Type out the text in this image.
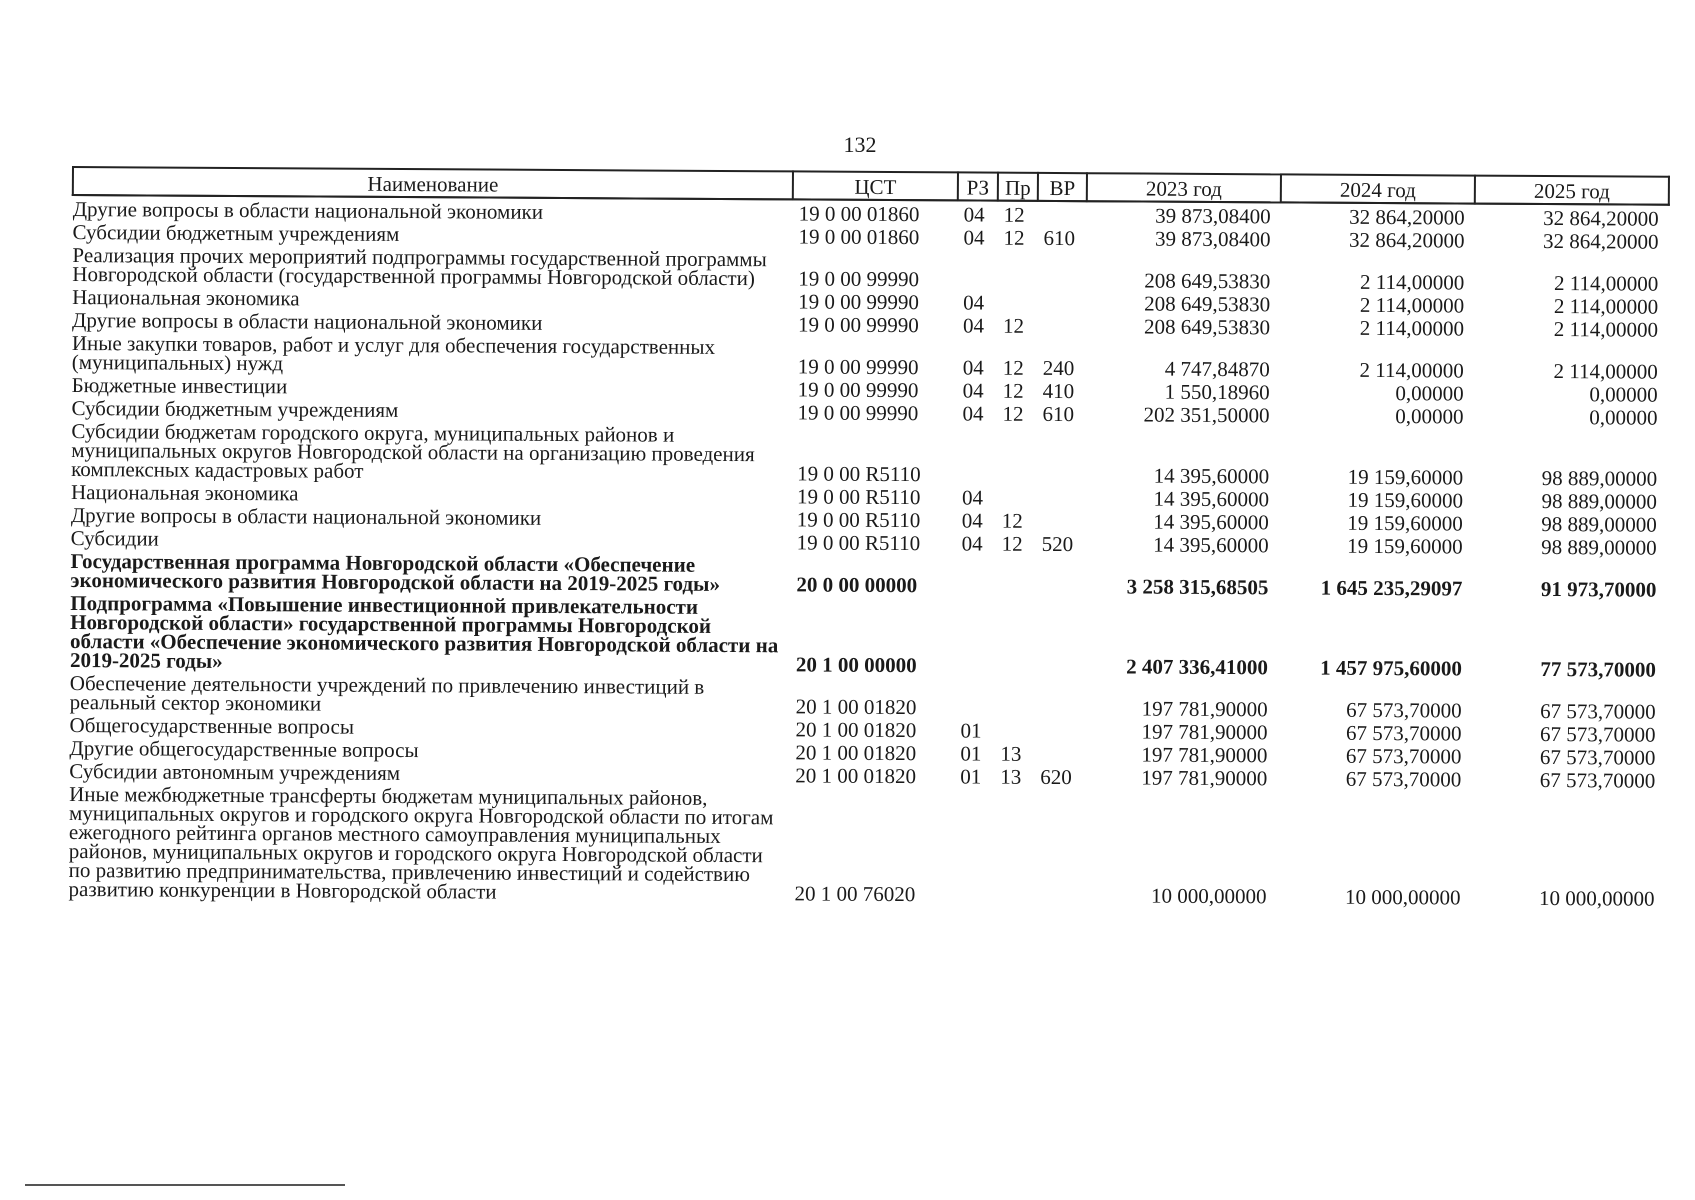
132
Наименование	ЦСТ	РЗ	Пр	ВР	2023 год	2024 год	2025 год
Другие вопросы в области национальной экономики	19 0 00 01860	04	12		39 873,08400	32 864,20000	32 864,20000
Субсидии бюджетным учреждениям	19 0 00 01860	04	12	610	39 873,08400	32 864,20000	32 864,20000
Реализация прочих мероприятий подпрограммы государственной программы Новгородской области (государственной программы Новгородской области)	19 0 00 99990				208 649,53830	2 114,00000	2 114,00000
Национальная экономика	19 0 00 99990	04			208 649,53830	2 114,00000	2 114,00000
Другие вопросы в области национальной экономики	19 0 00 99990	04	12		208 649,53830	2 114,00000	2 114,00000
Иные закупки товаров, работ и услуг для обеспечения государственных (муниципальных) нужд	19 0 00 99990	04	12	240	4 747,84870	2 114,00000	2 114,00000
Бюджетные инвестиции	19 0 00 99990	04	12	410	1 550,18960	0,00000	0,00000
Субсидии бюджетным учреждениям	19 0 00 99990	04	12	610	202 351,50000	0,00000	0,00000
Субсидии бюджетам городского округа, муниципальных районов и муниципальных округов Новгородской области на организацию проведения комплексных кадастровых работ	19 0 00 R5110				14 395,60000	19 159,60000	98 889,00000
Национальная экономика	19 0 00 R5110	04			14 395,60000	19 159,60000	98 889,00000
Другие вопросы в области национальной экономики	19 0 00 R5110	04	12		14 395,60000	19 159,60000	98 889,00000
Субсидии	19 0 00 R5110	04	12	520	14 395,60000	19 159,60000	98 889,00000
Государственная программа Новгородской области «Обеспечение экономического развития Новгородской области на 2019-2025 годы»	20 0 00 00000				3 258 315,68505	1 645 235,29097	91 973,70000
Подпрограмма «Повышение инвестиционной привлекательности Новгородской области» государственной программы Новгородской области «Обеспечение экономического развития Новгородской области на 2019-2025 годы»	20 1 00 00000				2 407 336,41000	1 457 975,60000	77 573,70000
Обеспечение деятельности учреждений по привлечению инвестиций в реальный сектор экономики	20 1 00 01820				197 781,90000	67 573,70000	67 573,70000
Общегосударственные вопросы	20 1 00 01820	01			197 781,90000	67 573,70000	67 573,70000
Другие общегосударственные вопросы	20 1 00 01820	01	13		197 781,90000	67 573,70000	67 573,70000
Субсидии автономным учреждениям	20 1 00 01820	01	13	620	197 781,90000	67 573,70000	67 573,70000
Иные межбюджетные трансферты бюджетам муниципальных районов, муниципальных округов и городского округа Новгородской области по итогам ежегодного рейтинга органов местного самоуправления муниципальных районов, муниципальных округов и городского округа Новгородской области по развитию предпринимательства, привлечению инвестиций и содействию развитию конкуренции в Новгородской области	20 1 00 76020				10 000,00000	10 000,00000	10 000,00000
